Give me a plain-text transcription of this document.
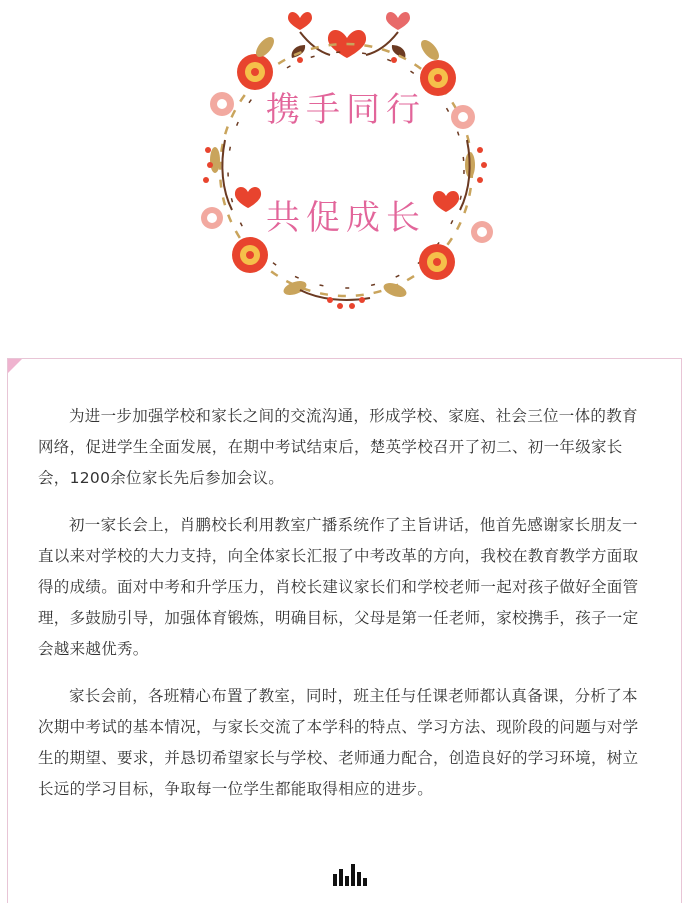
携手同行
共促成长

为进一步加强学校和家长之间的交流沟通，形成学校、家庭、社会三位一体的教育网络，促进学生全面发展，在期中考试结束后，楚英学校召开了初二、初一年级家长会，1200余位家长先后参加会议。

初一家长会上，肖鹏校长利用教室广播系统作了主旨讲话，他首先感谢家长朋友一直以来对学校的大力支持，向全体家长汇报了中考改革的方向，我校在教育教学方面取得的成绩。面对中考和升学压力，肖校长建议家长们和学校老师一起对孩子做好全面管理，多鼓励引导，加强体育锻炼，明确目标，父母是第一任老师，家校携手，孩子一定会越来越优秀。

家长会前，各班精心布置了教室，同时，班主任与任课老师都认真备课，分析了本次期中考试的基本情况，与家长交流了本学科的特点、学习方法、现阶段的问题与对学生的期望、要求，并恳切希望家长与学校、老师通力配合，创造良好的学习环境，树立长远的学习目标，争取每一位学生都能取得相应的进步。
